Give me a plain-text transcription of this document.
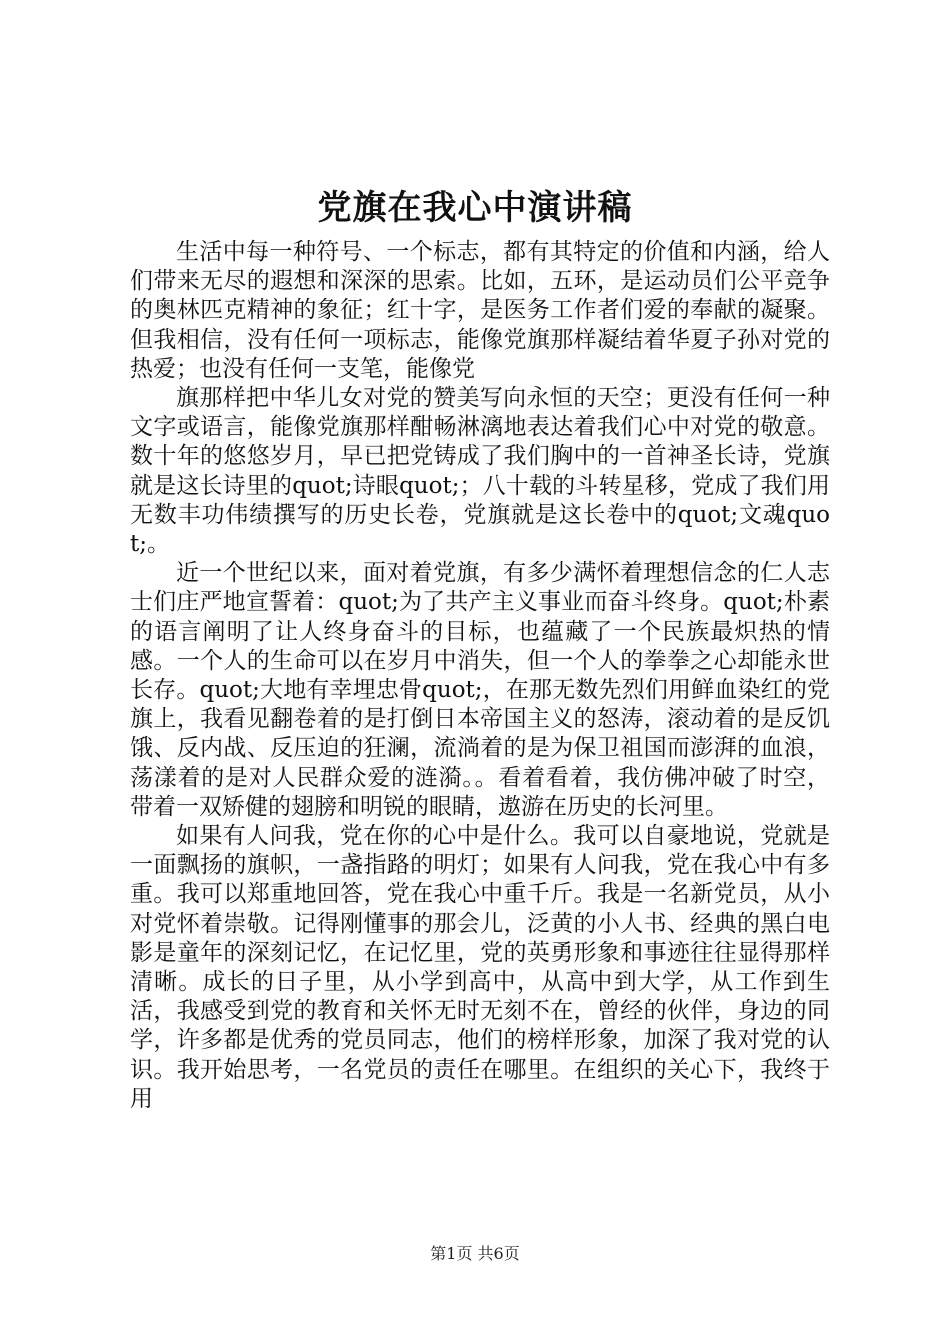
党旗在我心中演讲稿

生活中每一种符号、一个标志，都有其特定的价值和内涵，给人们带来无尽的遐想和深深的思索。比如，五环，是运动员们公平竞争的奥林匹克精神的象征；红十字，是医务工作者们爱的奉献的凝聚。但我相信，没有任何一项标志，能像党旗那样凝结着华夏子孙对党的热爱；也没有任何一支笔，能像党

旗那样把中华儿女对党的赞美写向永恒的天空；更没有任何一种文字或语言，能像党旗那样酣畅淋漓地表达着我们心中对党的敬意。数十年的悠悠岁月，早已把党铸成了我们胸中的一首神圣长诗，党旗就是这长诗里的quot;诗眼quot;；八十载的斗转星移，党成了我们用无数丰功伟绩撰写的历史长卷，党旗就是这长卷中的quot;文魂quot;。

近一个世纪以来，面对着党旗，有多少满怀着理想信念的仁人志士们庄严地宣誓着：quot;为了共产主义事业而奋斗终身。quot;朴素的语言阐明了让人终身奋斗的目标，也蕴藏了一个民族最炽热的情感。一个人的生命可以在岁月中消失，但一个人的拳拳之心却能永世长存。quot;大地有幸埋忠骨quot;，在那无数先烈们用鲜血染红的党旗上，我看见翻卷着的是打倒日本帝国主义的怒涛，滚动着的是反饥饿、反内战、反压迫的狂澜，流淌着的是为保卫祖国而澎湃的血浪，荡漾着的是对人民群众爱的涟漪。。看着看着，我仿佛冲破了时空，带着一双矫健的翅膀和明锐的眼睛，遨游在历史的长河里。

如果有人问我，党在你的心中是什么。我可以自豪地说，党就是一面飘扬的旗帜，一盏指路的明灯；如果有人问我，党在我心中有多重。我可以郑重地回答，党在我心中重千斤。我是一名新党员，从小对党怀着崇敬。记得刚懂事的那会儿，泛黄的小人书、经典的黑白电影是童年的深刻记忆，在记忆里，党的英勇形象和事迹往往显得那样清晰。成长的日子里，从小学到高中，从高中到大学，从工作到生活，我感受到党的教育和关怀无时无刻不在，曾经的伙伴，身边的同学，许多都是优秀的党员同志，他们的榜样形象，加深了我对党的认识。我开始思考，一名党员的责任在哪里。在组织的关心下，我终于用

第1页 共6页
